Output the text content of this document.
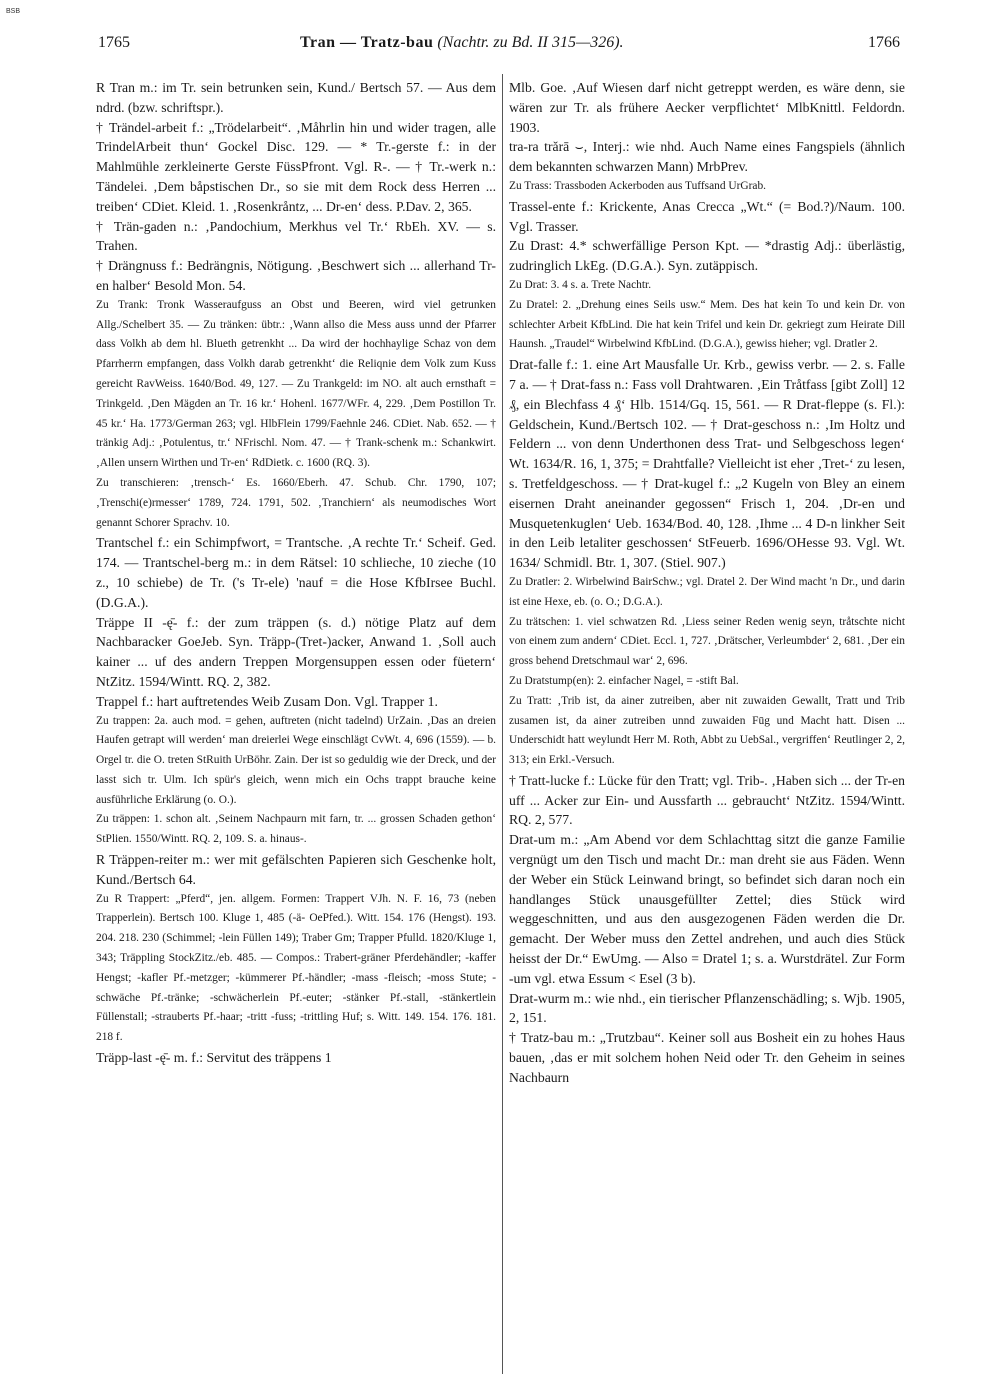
BSB
1765	Tran — Tratz-bau (Nachtr. zu Bd. II 315—326).	1766

R Tran m.: im Tr. sein betrunken sein, Kund./ Bertsch 57. — Aus dem ndrd. (bzw. schriftspr.).

† Trändel-arbeit f.: „Trödelarbeit“. ‚Måhrlin hin und wider tragen, alle TrindelArbeit thun‘ Gockel Disc. 129. — * Tr.-gerste f.: in der Mahlmühle zerkleinerte Gerste FüssPfront. Vgl. R-. — † Tr.-werk n.: Tändelei. ‚Dem båpstischen Dr., so sie mit dem Rock dess Herren ... treiben‘ CDiet. Kleid. 1. ‚Rosenkråntz, ... Dr-en‘ dess. P.Dav. 2, 365.

† Trän-gaden n.: ‚Pandochium, Merkhus vel Tr.‘ RbEh. XV. — s. Trahen.

† Drängnuss f.: Bedrängnis, Nötigung. ‚Beschwert sich ... allerhand Tr-en halber‘ Besold Mon. 54.

Zu Trank: Tronk Wasseraufguss an Obst und Beeren, wird viel getrunken Allg./Schelbert 35. — Zu tränken: übtr.: ‚Wann allso die Mess auss unnd der Pfarrer dass Volkh ab dem hl. Blueth getrenkht ... Da wird der hochhaylige Schaz von dem Pfarrherrn empfangen, dass Volkh darab getrenkht‘ die Reliqnie dem Volk zum Kuss gereicht RavWeiss. 1640/Bod. 49, 127. — Zu Trankgeld: im NO. alt auch ernsthaft = Trinkgeld. ‚Den Mägden an Tr. 16 kr.‘ Hohenl. 1677/WFr. 4, 229. ‚Dem Postillon Tr. 45 kr.‘ Ha. 1773/German 263; vgl. HlbFlein 1799/Faehnle 246. CDiet. Nab. 652. — † tränkig Adj.: ‚Potulentus, tr.‘ NFrischl. Nom. 47. — † Trank-schenk m.: Schankwirt. ‚Allen unsern Wirthen und Tr-en‘ RdDietk. c. 1600 (RQ. 3).

Zu transchieren: ‚trensch-‘ Es. 1660/Eberh. 47. Schub. Chr. 1790, 107; ‚Trenschi(e)rmesser‘ 1789, 724. 1791, 502. ‚Tranchiern‘ als neumodisches Wort genannt Schorer Sprachv. 10.

Trantschel f.: ein Schimpfwort, = Trantsche. ‚A rechte Tr.‘ Scheif. Ged. 174. — Trantschel-berg m.: in dem Rätsel: 10 schlieche, 10 zieche (10 z., 10 schiebe) de Tr. ('s Tr-ele) 'nauf = die Hose KfbIrsee Buchl. (D.G.A.).

Träppe II -ę̄- f.: der zum träppen (s. d.) nötige Platz auf dem Nachbaracker GoeJeb. Syn. Träpp-(Tret-)acker, Anwand 1. ‚Soll auch kainer ... uf des andern Treppen Morgensuppen essen oder füetern‘ NtZitz. 1594/Wintt. RQ. 2, 382.

Trappel f.: hart auftretendes Weib Zusam Don. Vgl. Trapper 1.

Zu trappen: 2a. auch mod. = gehen, auftreten (nicht tadelnd) UrZain. ‚Das an dreien Haufen getrapt will werden‘ man dreierlei Wege einschlägt CvWt. 4, 696 (1559). — b. Orgel tr. die O. treten StRuith UrBöhr. Zain. Der ist so geduldig wie der Dreck, und der lasst sich tr. Ulm. Ich spür's gleich, wenn mich ein Ochs trappt brauche keine ausführliche Erklärung (o. O.).

Zu träppen: 1. schon alt. ‚Seinem Nachpaurn mit farn, tr. ... grossen Schaden gethon‘ StPlien. 1550/Wintt. RQ. 2, 109. S. a. hinaus-.

R Träppen-reiter m.: wer mit gefälschten Papieren sich Geschenke holt, Kund./Bertsch 64.

Zu R Trappert: „Pferd“, jen. allgem. Formen: Trappert VJh. N. F. 16, 73 (neben Trapperlein). Bertsch 100. Kluge 1, 485 (-ä- OePfed.). Witt. 154. 176 (Hengst). 193. 204. 218. 230 (Schimmel; -lein Füllen 149); Traber Gm; Trapper Pfulld. 1820/Kluge 1, 343; Träppling StockZitz./eb. 485. — Compos.: Trabert-gräner Pferdehändler; -kaffer Hengst; -kafler Pf.-metzger; -kümmerer Pf.-händler; -mass -fleisch; -moss Stute; -schwäche Pf.-tränke; -schwächerlein Pf.-euter; -stänker Pf.-stall, -stänkertlein Füllenstall; -strauberts Pf.-haar; -tritt -fuss; -trittling Huf; s. Witt. 149. 154. 176. 181. 218 f.

Träpp-last -ę̄- m. f.: Servitut des träppens 1

Mlb. Goe. ‚Auf Wiesen darf nicht getreppt werden, es wäre denn, sie wären zur Tr. als frühere Aecker verpflichtet‘ MlbKnittl. Feldordn. 1903.

tra-ra trărā ⌣, Interj.: wie nhd. Auch Name eines Fangspiels (ähnlich dem bekannten schwarzen Mann) MrbPrev.

Zu Trass: Trassboden Ackerboden aus Tuffsand UrGrab.

Trassel-ente f.: Krickente, Anas Crecca „Wt.“ (= Bod.?)/Naum. 100. Vgl. Trasser.

Zu Drast: 4.* schwerfällige Person Kpt. — *drastig Adj.: überlästig, zudringlich LkEg. (D.G.A.). Syn. zutäppisch.

Zu Drat: 3. 4 s. a. Trete Nachtr.

Zu Dratel: 2. „Drehung eines Seils usw.“ Mem. Des hat kein To und kein Dr. von schlechter Arbeit KfbLind. Die hat kein Trifel und kein Dr. gekriegt zum Heirate Dill Haunsh. „Traudel“ Wirbelwind KfbLind. (D.G.A.), gewiss hieher; vgl. Dratler 2.

Drat-falle f.: 1. eine Art Mausfalle Ur. Krb., gewiss verbr. — 2. s. Falle 7 a. — † Drat-fass n.: Fass voll Drahtwaren. ‚Ein Tråtfass [gibt Zoll] 12 ₰, ein Blechfass 4 ₰‘ Hlb. 1514/Gq. 15, 561. — R Drat-fleppe (s. Fl.): Geldschein, Kund./Bertsch 102. — † Drat-geschoss n.: ‚Im Holtz und Feldern ... von denn Underthonen dess Trat- und Selbgeschoss legen‘ Wt. 1634/R. 16, 1, 375; = Drahtfalle? Vielleicht ist eher ‚Tret-‘ zu lesen, s. Tretfeldgeschoss. — † Drat-kugel f.: „2 Kugeln von Bley an einem eisernen Draht aneinander gegossen“ Frisch 1, 204. ‚Dr-en und Musquetenkuglen‘ Ueb. 1634/Bod. 40, 128. ‚Ihme ... 4 D-n linkher Seit in den Leib letaliter geschossen‘ StFeuerb. 1696/OHesse 93. Vgl. Wt. 1634/ Schmidl. Btr. 1, 307. (Stiel. 907.)

Zu Dratler: 2. Wirbelwind BairSchw.; vgl. Dratel 2. Der Wind macht 'n Dr., und darin ist eine Hexe, eb. (o. O.; D.G.A.).

Zu trätschen: 1. viel schwatzen Rd. ‚Liess seiner Reden wenig seyn, tråtschte nicht von einem zum andern‘ CDiet. Eccl. 1, 727. ‚Drätscher, Verleumbder‘ 2, 681. ‚Der ein gross behend Dretschmaul war‘ 2, 696.

Zu Dratstump(en): 2. einfacher Nagel, = -stift Bal.

Zu Tratt: ‚Trib ist, da ainer zutreiben, aber nit zuwaiden Gewallt, Tratt und Trib zusamen ist, da ainer zutreiben unnd zuwaiden Fūg und Macht hatt. Disen ... Underschidt hatt weylundt Herr M. Roth, Abbt zu UebSal., vergriffen‘ Reutlinger 2, 2, 313; ein Erkl.-Versuch.

† Tratt-lucke f.: Lücke für den Tratt; vgl. Trib-. ‚Haben sich ... der Tr-en uff ... Acker zur Ein- und Aussfarth ... gebraucht‘ NtZitz. 1594/Wintt. RQ. 2, 577.

Drat-um m.: „Am Abend vor dem Schlachttag sitzt die ganze Familie vergnügt um den Tisch und macht Dr.: man dreht sie aus Fäden. Wenn der Weber ein Stück Leinwand bringt, so befindet sich daran noch ein handlanges Stück unausgefüllter Zettel; dies Stück wird weggeschnitten, und aus den ausgezogenen Fäden werden die Dr. gemacht. Der Weber muss den Zettel andrehen, und auch dies Stück heisst der Dr.“ EwUmg. — Also = Dratel 1; s. a. Wurstdrätel. Zur Form -um vgl. etwa Essum < Esel (3 b).

Drat-wurm m.: wie nhd., ein tierischer Pflanzenschädling; s. Wjb. 1905, 2, 151.

† Tratz-bau m.: „Trutzbau“. Keiner soll aus Bosheit ein zu hohes Haus bauen, ‚das er mit solchem hohen Neid oder Tr. den Geheim in seines Nachbaurn
